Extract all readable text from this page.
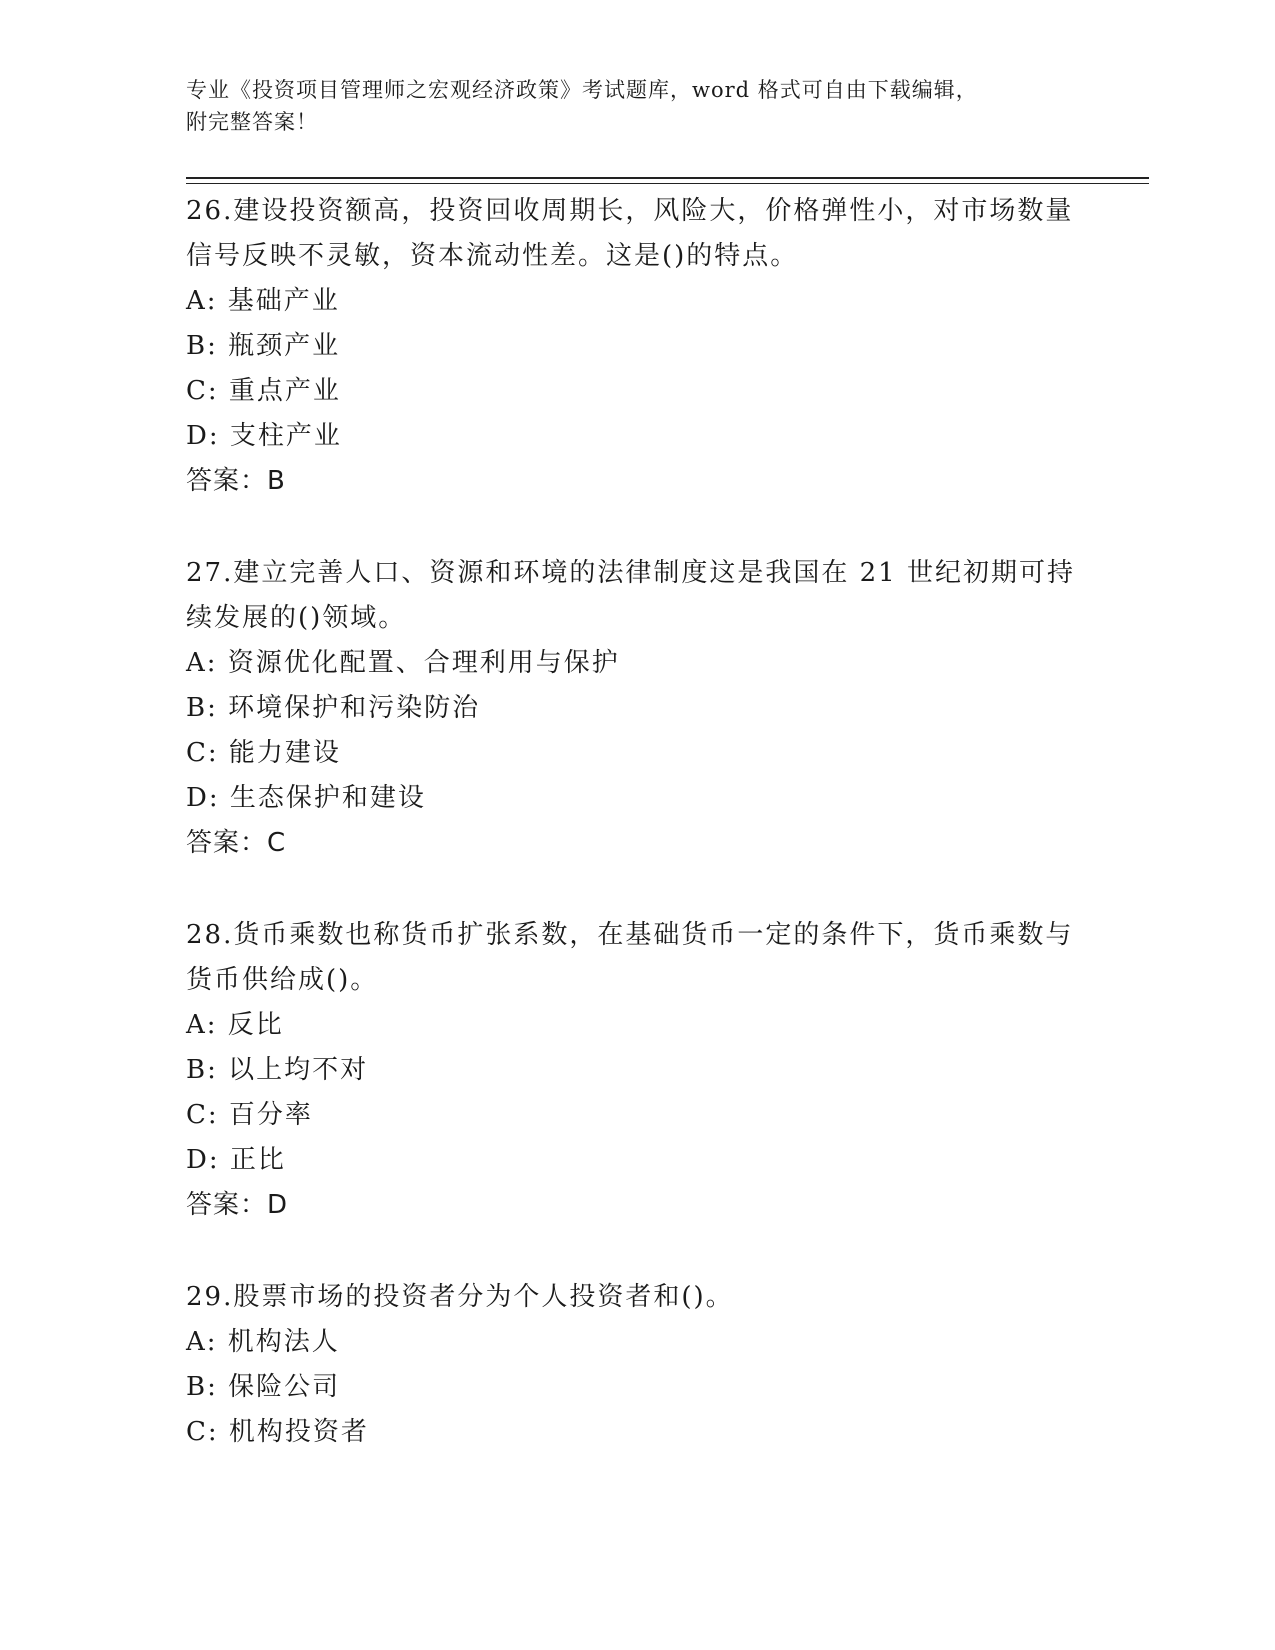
专业《投资项目管理师之宏观经济政策》考试题库，word 格式可自由下载编辑，
附完整答案！
26.建设投资额高，投资回收周期长，风险大，价格弹性小，对市场数量信号反映不灵敏，资本流动性差。这是()的特点。
A: 基础产业
B: 瓶颈产业
C: 重点产业
D: 支柱产业
答案：B
27.建立完善人口、资源和环境的法律制度这是我国在 21 世纪初期可持续发展的()领域。
A: 资源优化配置、合理利用与保护
B: 环境保护和污染防治
C: 能力建设
D: 生态保护和建设
答案：C
28.货币乘数也称货币扩张系数，在基础货币一定的条件下，货币乘数与货币供给成()。
A: 反比
B: 以上均不对
C: 百分率
D: 正比
答案：D
29.股票市场的投资者分为个人投资者和()。
A: 机构法人
B: 保险公司
C: 机构投资者
